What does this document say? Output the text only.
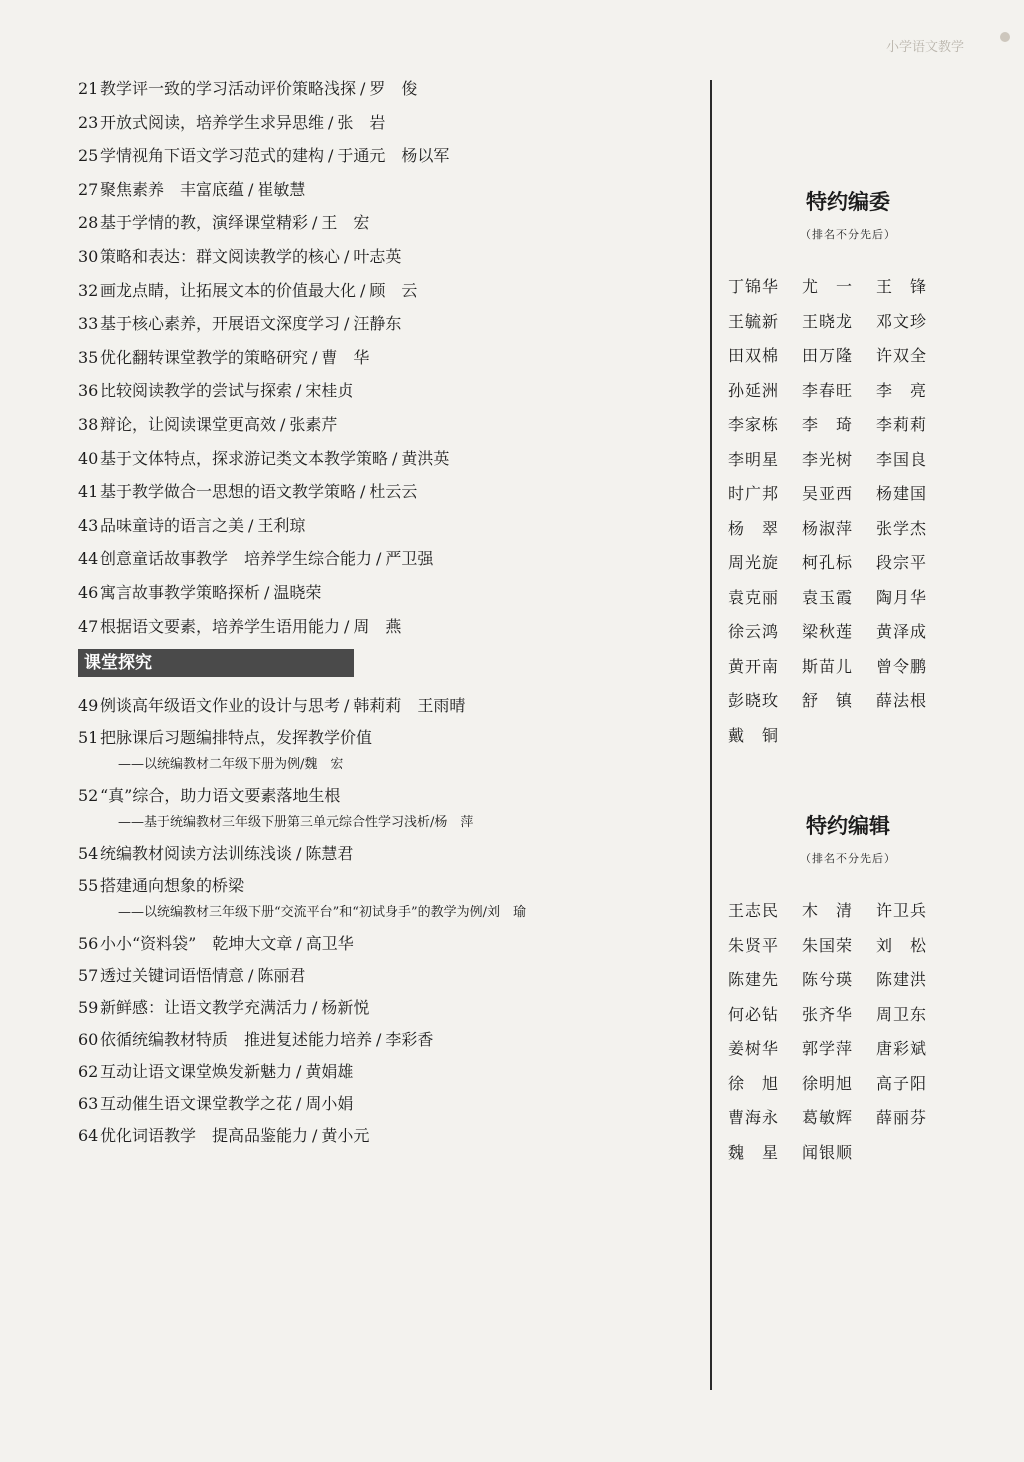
小学语文教学
21 教学评一致的学习活动评价策略浅探 / 罗　俊
23 开放式阅读，培养学生求异思维 / 张　岩
25 学情视角下语文学习范式的建构 / 于通元　杨以军
27 聚焦素养　丰富底蕴 / 崔敏慧
28 基于学情的教，演绎课堂精彩 / 王　宏
30 策略和表达：群文阅读教学的核心 / 叶志英
32 画龙点睛，让拓展文本的价值最大化 / 顾　云
33 基于核心素养，开展语文深度学习 / 汪静东
35 优化翻转课堂教学的策略研究 / 曹　华
36 比较阅读教学的尝试与探索 / 宋桂贞
38 辩论，让阅读课堂更高效 / 张素芹
40 基于文体特点，探求游记类文本教学策略 / 黄洪英
41 基于教学做合一思想的语文教学策略 / 杜云云
43 品味童诗的语言之美 / 王利琼
44 创意童话故事教学　培养学生综合能力 / 严卫强
46 寓言故事教学策略探析 / 温晓荣
47 根据语文要素，培养学生语用能力 / 周　燕
课堂探究
49 例谈高年级语文作业的设计与思考 / 韩莉莉　王雨晴
51 把脉课后习题编排特点，发挥教学价值
——以统编教材二年级下册为例/魏　宏
52 “真”综合，助力语文要素落地生根
——基于统编教材三年级下册第三单元综合性学习浅析/杨　萍
54 统编教材阅读方法训练浅谈 / 陈慧君
55 搭建通向想象的桥梁
——以统编教材三年级下册“交流平台”和“初试身手”的教学为例/刘　瑜
56 小小“资料袋”　乾坤大文章 / 高卫华
57 透过关键词语悟情意 / 陈丽君
59 新鲜感：让语文教学充满活力 / 杨新悦
60 依循统编教材特质　推进复述能力培养 / 李彩香
62 互动让语文课堂焕发新魅力 / 黄娟雄
63 互动催生语文课堂教学之花 / 周小娟
64 优化词语教学　提高品鉴能力 / 黄小元
特约编委
（排名不分先后）
丁锦华	尤　一	王　锋
王毓新	王晓龙	邓文珍
田双棉	田万隆	许双全
孙延洲	李春旺	李　亮
李家栋	李　琦	李莉莉
李明星	李光树	李国良
时广邦	吴亚西	杨建国
杨　翠	杨淑萍	张学杰
周光旋	柯孔标	段宗平
袁克丽	袁玉霞	陶月华
徐云鸿	梁秋莲	黄泽成
黄开南	斯苗儿	曾令鹏
彭晓玫	舒　镇	薛法根
戴　铜
特约编辑
（排名不分先后）
王志民	木　清	许卫兵
朱贤平	朱国荣	刘　松
陈建先	陈兮瑛	陈建洪
何必钻	张齐华	周卫东
姜树华	郭学萍	唐彩斌
徐　旭	徐明旭	高子阳
曹海永	葛敏辉	薛丽芬
魏　星	闻银顺
